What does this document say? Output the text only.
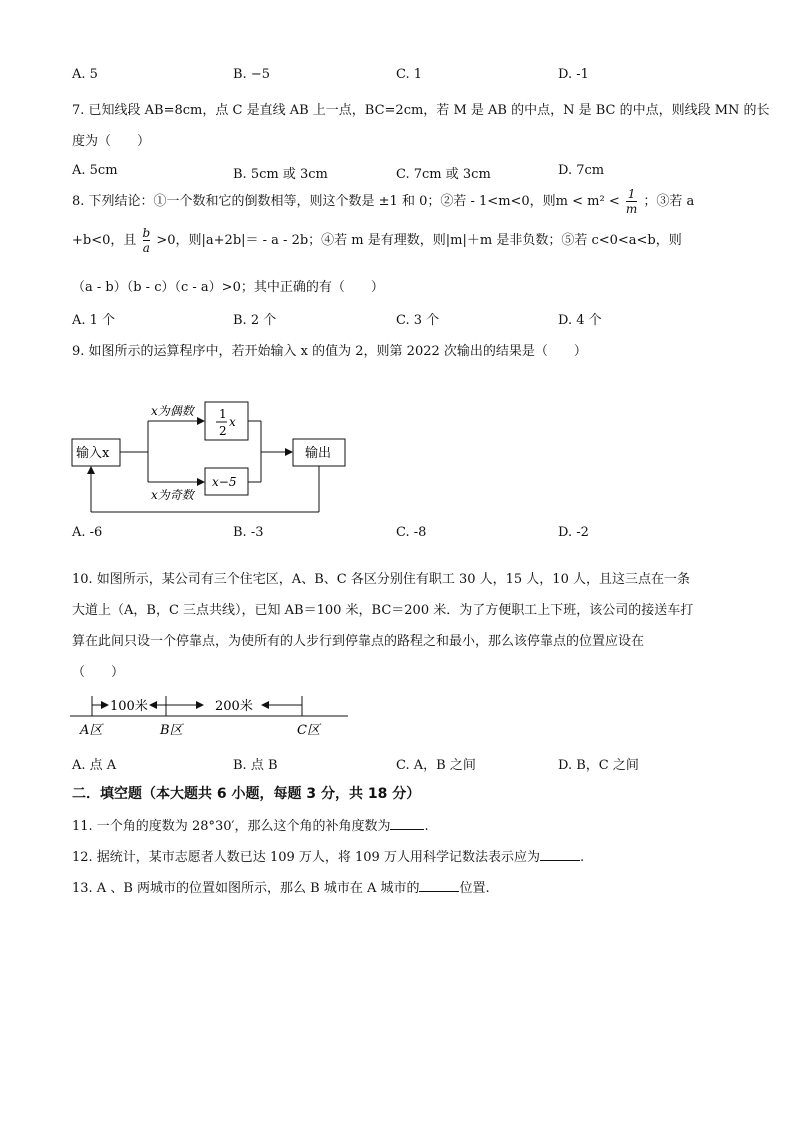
A. 5	B. −5	C. 1	D. -1
7. 已知线段 AB=8cm，点 C 是直线 AB 上一点，BC=2cm，若 M 是 AB 的中点，N 是 BC 的中点，则线段 MN 的长
度为（　　）
A. 5cm	B. 5cm 或 3cm	C. 7cm 或 3cm	D. 7cm
8. 下列结论：①一个数和它的倒数相等，则这个数是 ±1 和 0；②若 - 1<m<0，则$m < m^2 < \frac{1}{m}$ ；③若 a
+b<0，且 $\frac{b}{a} >0$，则|a+2b|＝ - a - 2b；④若 m 是有理数，则|m|＋m 是非负数；⑤若 c<0<a<b，则
（a - b）（b - c）（c - a）>0；其中正确的有（　　）
A. 1 个	B. 2 个	C. 3 个	D. 4 个
9. 如图所示的运算程序中，若开始输入 x 的值为 2，则第 2022 次输出的结果是（　　）
输入x
x为偶数
x为奇数
1
2
x
x−5
输出
A. -6	B. -3	C. -8	D. -2
10. 如图所示，某公司有三个住宅区，A、B、C 各区分别住有职工 30 人，15 人，10 人，且这三点在一条
大道上（A，B，C 三点共线），已知 AB＝100 米，BC＝200 米．为了方便职工上下班，该公司的接送车打
算在此间只设一个停靠点，为使所有的人步行到停靠点的路程之和最小，那么该停靠点的位置应设在
（　　）
100米	200米
A区	B区	C区
A. 点 A	B. 点 B	C. A，B 之间	D. B，C 之间
二．填空题（本大题共 6 小题，每题 3 分，共 18 分）
11. 一个角的度数为 28°30′，那么这个角的补角度数为	.
12. 据统计，某市志愿者人数已达 109 万人，将 109 万人用科学记数法表示应为	.
13. A 、B 两城市的位置如图所示，那么 B 城市在 A 城市的	位置.
